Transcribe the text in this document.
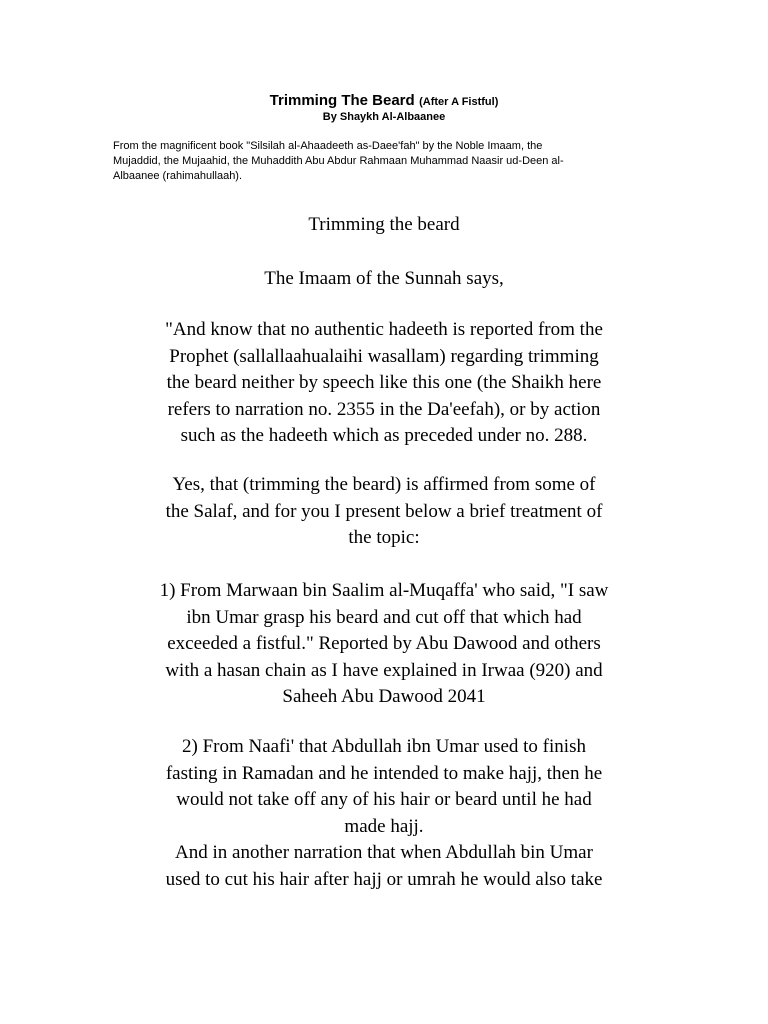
Trimming The Beard (After A Fistful)
By Shaykh Al-Albaanee

From the magnificent book "Silsilah al-Ahaadeeth as-Daee'fah" by the Noble Imaam, the
Mujaddid, the Mujaahid, the Muhaddith Abu Abdur Rahmaan Muhammad Naasir ud-Deen al-
Albaanee (rahimahullaah).

Trimming the beard

The Imaam of the Sunnah says,

"And know that no authentic hadeeth is reported from the
Prophet (sallallaahualaihi wasallam) regarding trimming
the beard neither by speech like this one (the Shaikh here
refers to narration no. 2355 in the Da'eefah), or by action
such as the hadeeth which as preceded under no. 288.

Yes, that (trimming the beard) is affirmed from some of
the Salaf, and for you I present below a brief treatment of
the topic:

1) From Marwaan bin Saalim al-Muqaffa' who said, "I saw
ibn Umar grasp his beard and cut off that which had
exceeded a fistful." Reported by Abu Dawood and others
with a hasan chain as I have explained in Irwaa (920) and
Saheeh Abu Dawood 2041

2) From Naafi' that Abdullah ibn Umar used to finish
fasting in Ramadan and he intended to make hajj, then he
would not take off any of his hair or beard until he had
made hajj.
And in another narration that when Abdullah bin Umar
used to cut his hair after hajj or umrah he would also take
